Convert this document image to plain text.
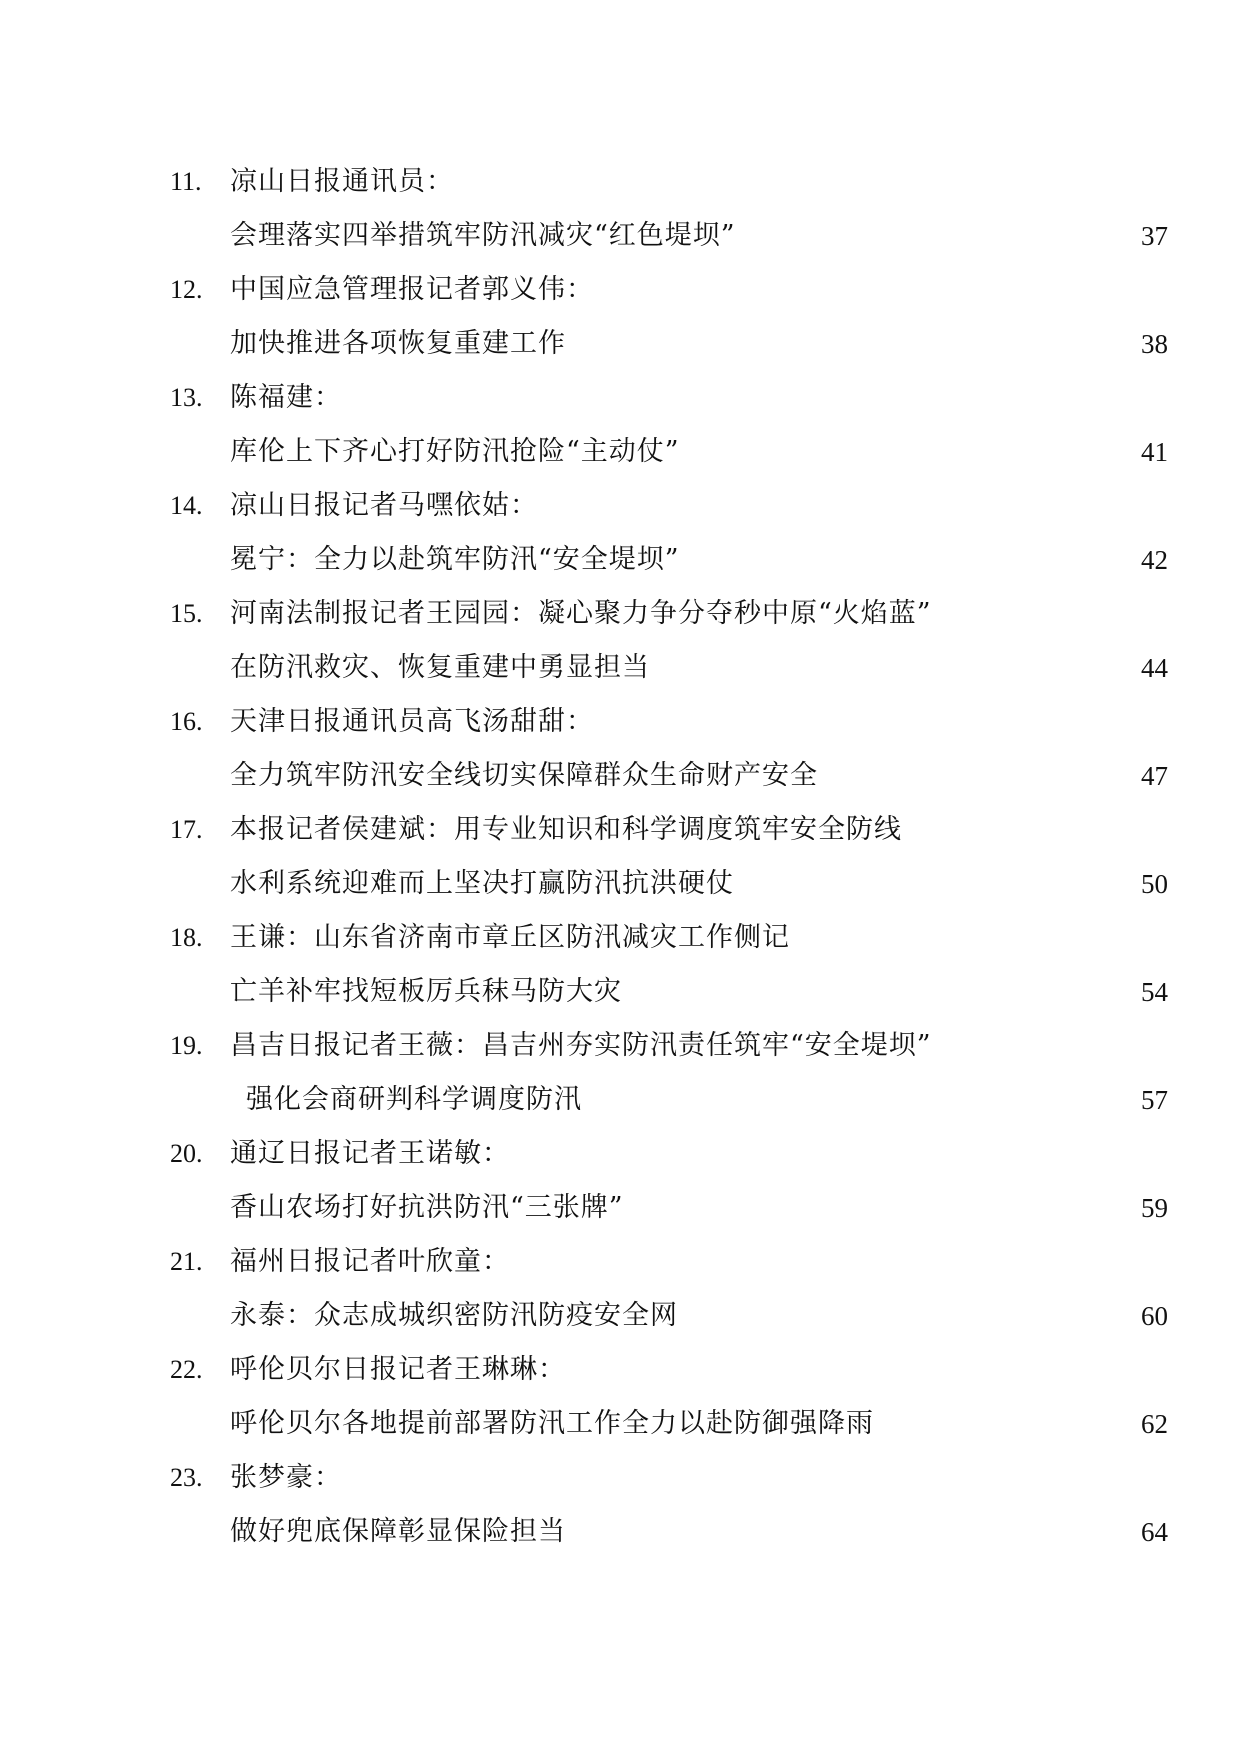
11.	凉山日报通讯员：
会理落实四举措筑牢防汛减灾“红色堤坝”	37
12.	中国应急管理报记者郭义伟：
加快推进各项恢复重建工作	38
13.	陈福建：
库伦上下齐心打好防汛抢险“主动仗”	41
14.	凉山日报记者马嘿依姑：
冕宁：全力以赴筑牢防汛“安全堤坝”	42
15.	河南法制报记者王园园：凝心聚力争分夺秒中原“火焰蓝”
在防汛救灾、恢复重建中勇显担当	44
16.	天津日报通讯员高飞汤甜甜：
全力筑牢防汛安全线切实保障群众生命财产安全	47
17.	本报记者侯建斌：用专业知识和科学调度筑牢安全防线
水利系统迎难而上坚决打赢防汛抗洪硬仗	50
18.	王谦：山东省济南市章丘区防汛减灾工作侧记
亡羊补牢找短板厉兵秣马防大灾	54
19.	昌吉日报记者王薇：昌吉州夯实防汛责任筑牢“安全堤坝”
强化会商研判科学调度防汛	57
20.	通辽日报记者王诺敏：
香山农场打好抗洪防汛“三张牌”	59
21.	福州日报记者叶欣童：
永泰：众志成城织密防汛防疫安全网	60
22.	呼伦贝尔日报记者王琳琳：
呼伦贝尔各地提前部署防汛工作全力以赴防御强降雨	62
23.	张梦豪：
做好兜底保障彰显保险担当	64
